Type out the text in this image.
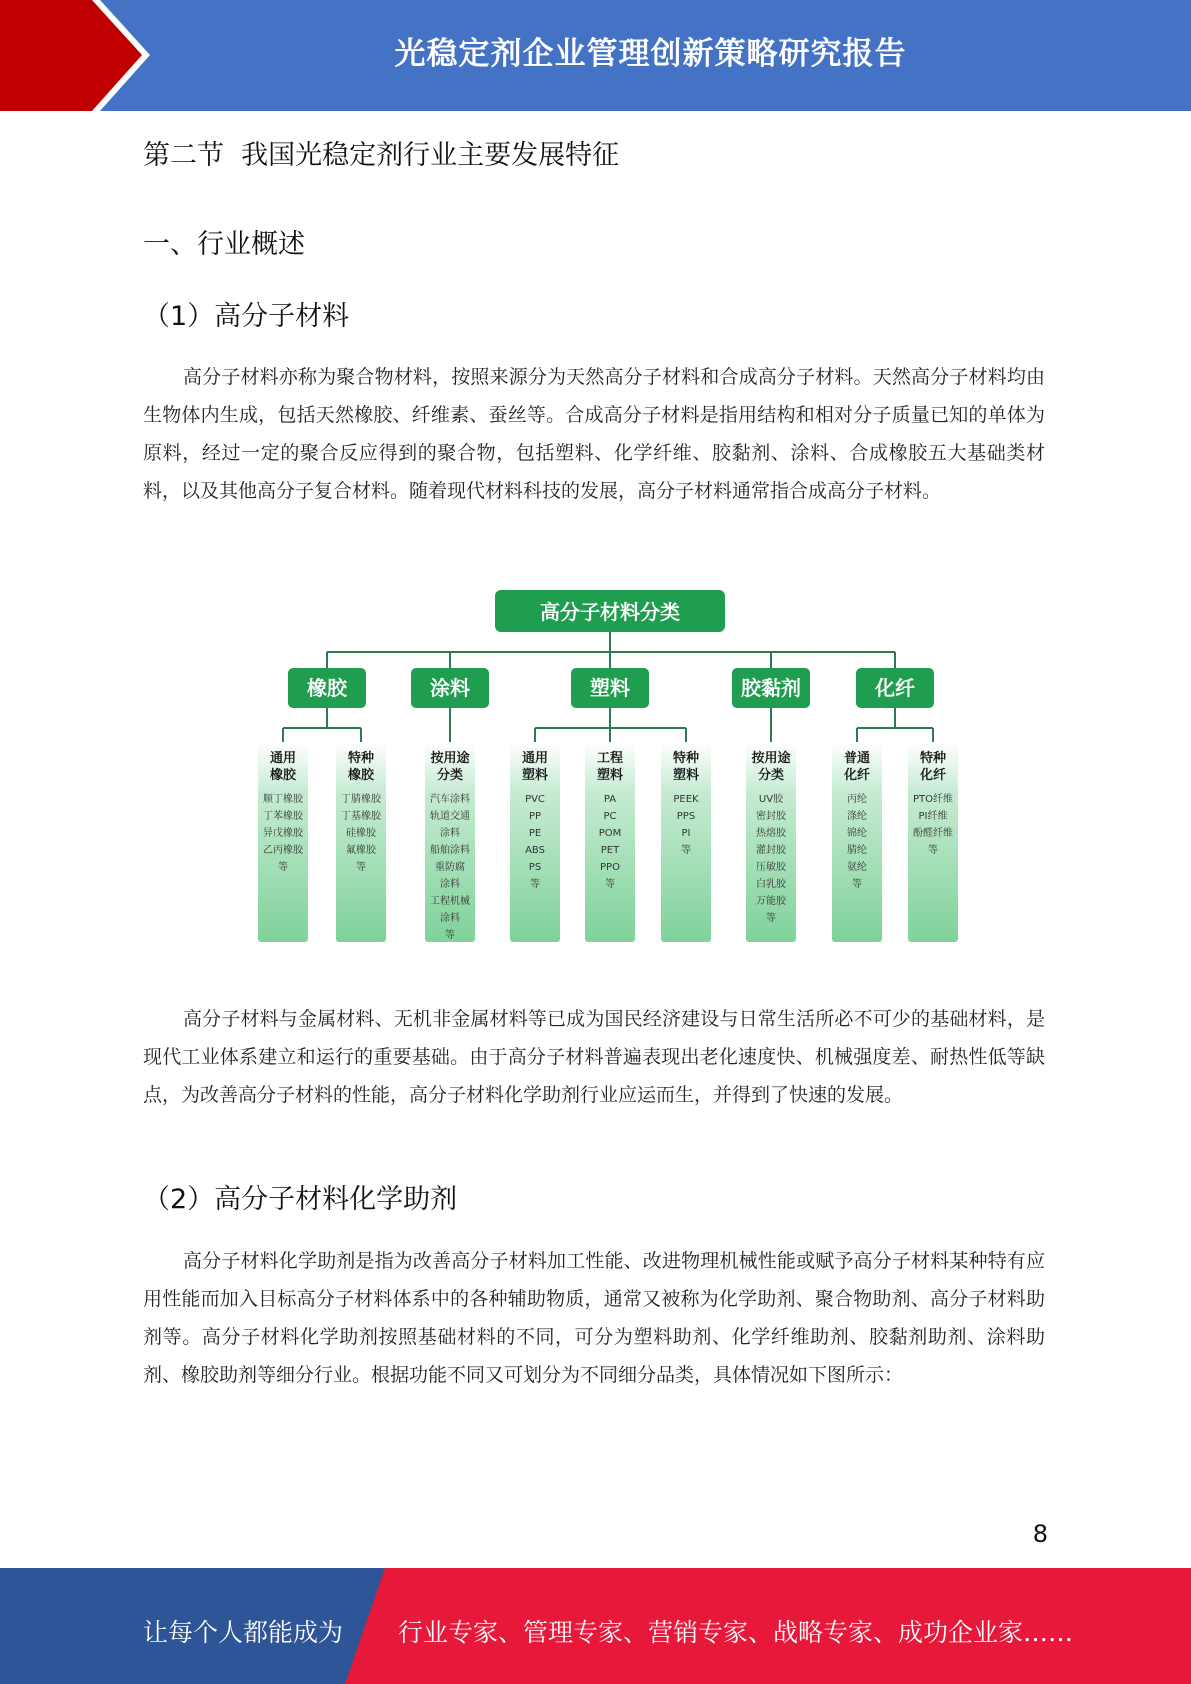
光稳定剂企业管理创新策略研究报告
第二节  我国光稳定剂行业主要发展特征
一、行业概述
（1）高分子材料

高分子材料亦称为聚合物材料，按照来源分为天然高分子材料和合成高分子材料。天然高分子材料均由生物体内生成，包括天然橡胶、纤维素、蚕丝等。合成高分子材料是指用结构和相对分子质量已知的单体为原料，经过一定的聚合反应得到的聚合物，包括塑料、化学纤维、胶黏剂、涂料、合成橡胶五大基础类材料，以及其他高分子复合材料。随着现代材料科技的发展，高分子材料通常指合成高分子材料。

高分子材料分类
橡胶
通用
橡胶
顺丁橡胶
丁苯橡胶
异戊橡胶
乙丙橡胶
等
特种
橡胶
丁腈橡胶
丁基橡胶
硅橡胶
氟橡胶
等
涂料
按用途
分类
汽车涂料
轨道交通
涂料
船舶涂料
重防腐
涂料
工程机械
涂料
等
塑料
通用
塑料
PVC
PP
PE
ABS
PS
等
工程
塑料
PA
PC
POM
PET
PPO
等
特种
塑料
PEEK
PPS
PI
等
胶黏剂
按用途
分类
UV胶
密封胶
热熔胶
灌封胶
压敏胶
白乳胶
万能胶
等
化纤
普通
化纤
丙纶
涤纶
锦纶
腈纶
氨纶
等
特种
化纤
PTO纤维
PI纤维
酚醛纤维
等

高分子材料与金属材料、无机非金属材料等已成为国民经济建设与日常生活所必不可少的基础材料，是现代工业体系建立和运行的重要基础。由于高分子材料普遍表现出老化速度快、机械强度差、耐热性低等缺点，为改善高分子材料的性能，高分子材料化学助剂行业应运而生，并得到了快速的发展。

（2）高分子材料化学助剂

高分子材料化学助剂是指为改善高分子材料加工性能、改进物理机械性能或赋予高分子材料某种特有应用性能而加入目标高分子材料体系中的各种辅助物质，通常又被称为化学助剂、聚合物助剂、高分子材料助剂等。高分子材料化学助剂按照基础材料的不同，可分为塑料助剂、化学纤维助剂、胶黏剂助剂、涂料助剂、橡胶助剂等细分行业。根据功能不同又可划分为不同细分品类，具体情况如下图所示：

8
让每个人都能成为 行业专家、管理专家、营销专家、战略专家、成功企业家……
